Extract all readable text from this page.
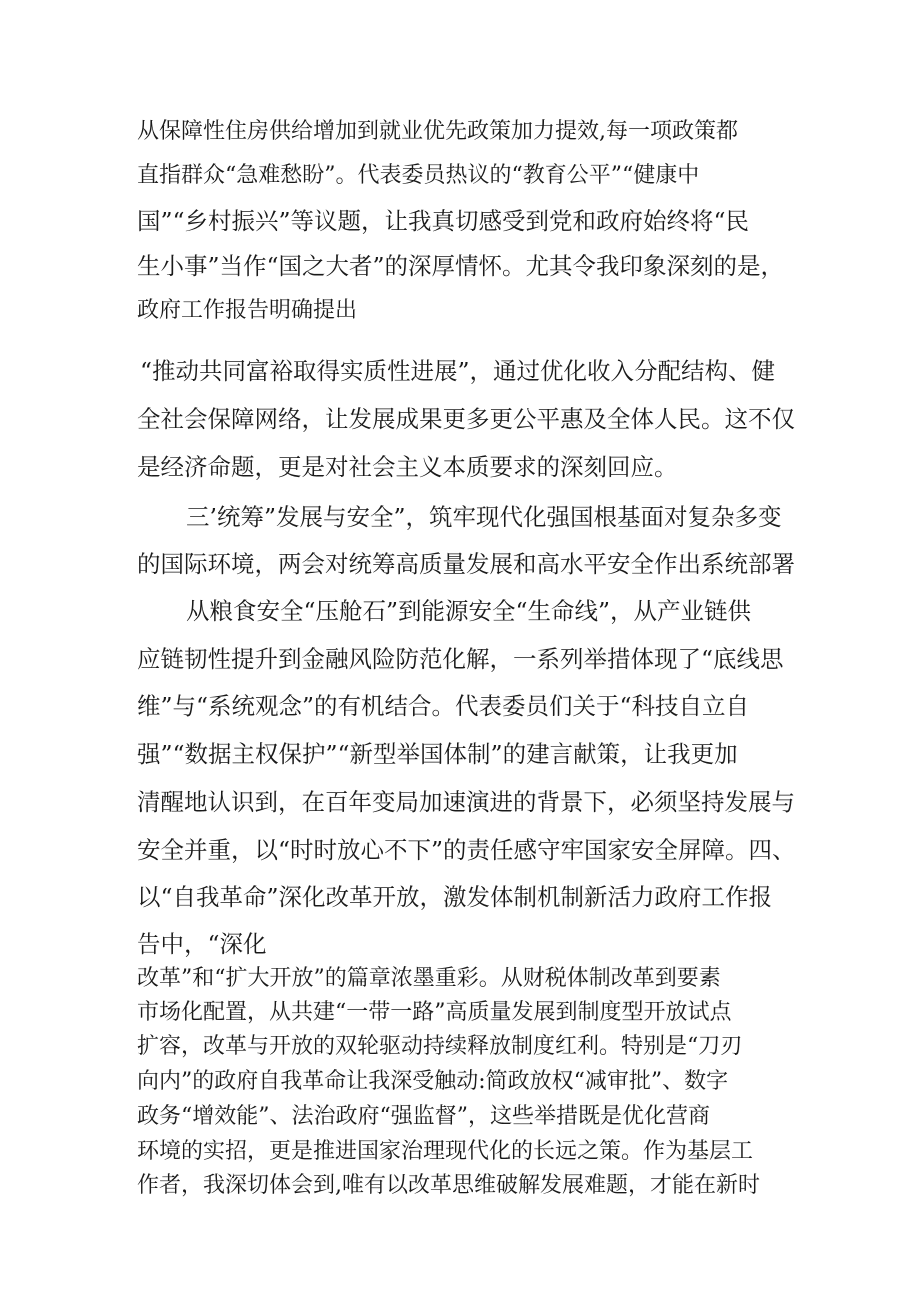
从保障性住房供给增加到就业优先政策加力提效,每一项政策都
直指群众“急难愁盼”。代表委员热议的“教育公平”“健康中
国”“乡村振兴”等议题，让我真切感受到党和政府始终将“民
生小事”当作“国之大者”的深厚情怀。尤其令我印象深刻的是，
政府工作报告明确提出
“推动共同富裕取得实质性进展”，通过优化收入分配结构、健
全社会保障网络，让发展成果更多更公平惠及全体人民。这不仅
是经济命题，更是对社会主义本质要求的深刻回应。
三’统筹”发展与安全”，筑牢现代化强国根基面对复杂多变
的国际环境，两会对统筹高质量发展和高水平安全作出系统部署
从粮食安全“压舱石”到能源安全“生命线”，从产业链供
应链韧性提升到金融风险防范化解，一系列举措体现了“底线思
维”与“系统观念”的有机结合。代表委员们关于“科技自立自
强”“数据主权保护”“新型举国体制”的建言献策，让我更加
清醒地认识到，在百年变局加速演进的背景下，必须坚持发展与
安全并重，以“时时放心不下”的责任感守牢国家安全屏障。四、
以“自我革命”深化改革开放，激发体制机制新活力政府工作报
告中，“深化
改革”和“扩大开放”的篇章浓墨重彩。从财税体制改革到要素
市场化配置，从共建“一带一路”高质量发展到制度型开放试点
扩容，改革与开放的双轮驱动持续释放制度红利。特别是“刀刃
向内”的政府自我革命让我深受触动:简政放权“减审批”、数字
政务“增效能”、法治政府“强监督”，这些举措既是优化营商
环境的实招，更是推进国家治理现代化的长远之策。作为基层工
作者，我深切体会到,唯有以改革思维破解发展难题，才能在新时
